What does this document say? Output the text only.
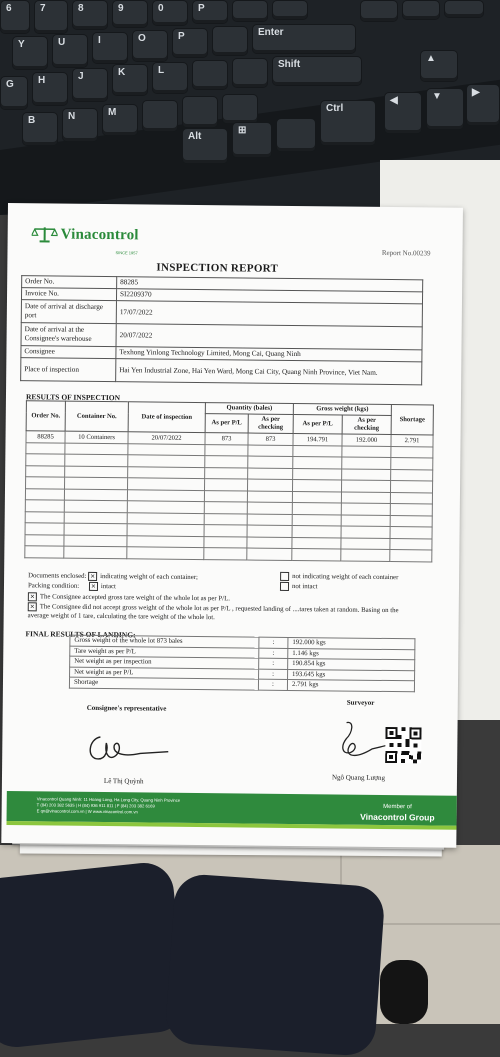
6	7	8	9	0	P
Y	U	I	O	P	Enter
G	H	J	K	L
Shift
▲
B	N	M
Alt
⊞
Ctrl
◀	▼	▶
Vinacontrol
SINCE 1957	Report No.00239
INSPECTION REPORT
Order No.	88285
Invoice No.	SI2209370
Date of arrival at discharge port	17/07/2022
Date of arrival at the Consignee's warehouse	20/07/2022
Consignee	Texhong Yinlong Technology Limited, Mong Cai, Quang Ninh
Place of inspection	Hai Yen Industrial Zone, Hai Yen Ward, Mong Cai City, Quang Ninh Province, Viet Nam.
RESULTS OF INSPECTION
Order No.	Container No.	Date of inspection	Quantity (bales)		Gross weight (kgs)		Shortage
			As per P/L	As per checking	As per P/L	As per checking	
88285	10 Containers	20/07/2022	873	873	194.791	192.000	2.791

Documents enclosed: × indicating weight of each container;	not indicating weight of each container
Packing condition: × intact	not intact
× The Consignee accepted gross tare weight of the whole lot as per P/L.
× The Consignee did not accept gross weight of the whole lot as per P/L , requested landing of ....tares taken at random. Basing on the average weight of 1 tare, calculating the tare weight of the whole lot.
FINAL RESULTS OF LANDING:
Gross weight of the whole lot 873 bales	:	192.000 kgs
Tare weight as per P/L	:	1.146 kgs
Net weight as per inspection	:	190.854 kgs
Net weight as per P/L	:	193.645 kgs
Shortage	:	2.791 kgs
Consignee's representative
Surveyor
Lê Thị Quỳnh	Ngô Quang Lượng
Vinacontrol Quang Ninh: 11 Hoang Long, Ha Long City, Quang Ninh Province
T (84) 203 382 5635 | H (84) 936 911 811 | F (84) 203 382 6169
E qn@vinacontrol.com.vn | W www.vinacontrol.com.vn
Member of
Vinacontrol Group
